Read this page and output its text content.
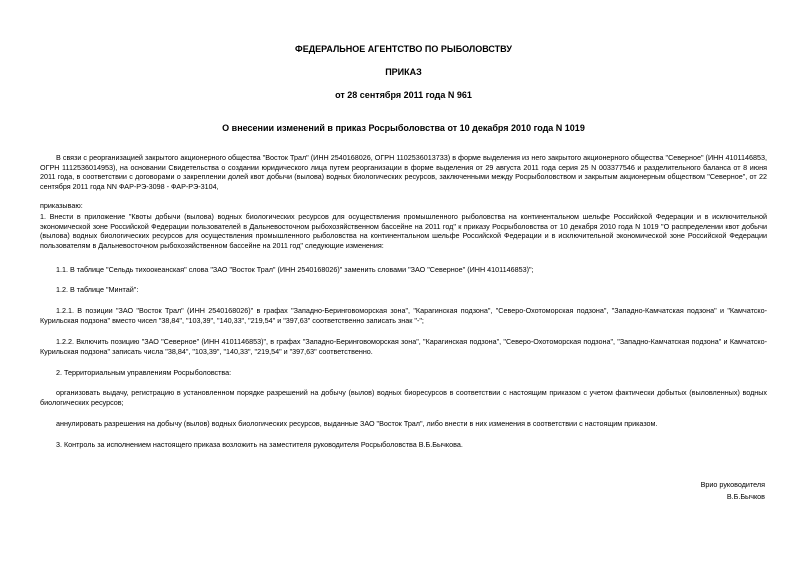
ФЕДЕРАЛЬНОЕ АГЕНТСТВО ПО РЫБОЛОВСТВУ

ПРИКАЗ

от 28 сентября 2011 года N 961

О внесении изменений в приказ Росрыболовства от 10 декабря 2010 года N 1019

В связи с реорганизацией закрытого акционерного общества "Восток Трал" (ИНН 2540168026, ОГРН 1102536013733) в форме выделения из него закрытого акционерного общества "Северное" (ИНН 4101146853, ОГРН 1112536014953), на основании Свидетельства о создании юридического лица путем реорганизации в форме выделения от 29 августа 2011 года серия 25 N 003377546 и разделительного баланса от 8 июня 2011 года, в соответствии с договорами о закреплении долей квот добычи (вылова) водных биологических ресурсов, заключенными между Росрыболовством и закрытым акционерным обществом "Северное", от 22 сентября 2011 года NN ФАР-РЭ-3098 - ФАР-РЭ-3104,

приказываю:

1. Внести в приложение "Квоты добычи (вылова) водных биологических ресурсов для осуществления промышленного рыболовства на континентальном шельфе Российской Федерации и в исключительной экономической зоне Российской Федерации пользователей в Дальневосточном рыбохозяйственном бассейне на 2011 год" к приказу Росрыболовства от 10 декабря 2010 года N 1019 "О распределении квот добычи (вылова) водных биологических ресурсов для осуществления промышленного рыболовства на континентальном шельфе Российской Федерации и в исключительной экономической зоне Российской Федерации пользователям в Дальневосточном рыбохозяйственном бассейне на 2011 год" следующие изменения:

1.1. В таблице "Сельдь тихоокеанская" слова "ЗАО "Восток Трал" (ИНН 2540168026)" заменить словами "ЗАО "Северное" (ИНН 4101146853)";

1.2. В таблице "Минтай":

1.2.1. В позиции "ЗАО "Восток Трал" (ИНН 2540168026)" в графах "Западно-Беринговоморская зона", "Карагинская подзона", "Северо-Охотоморская подзона", "Западно-Камчатская подзона" и "Камчатско-Курильская подзона" вместо чисел "38,84", "103,39", "140,33", "219,54" и "397,63" соответственно записать знак "-";

1.2.2. Включить позицию "ЗАО "Северное" (ИНН 4101146853)", в графах "Западно-Беринговоморская зона", "Карагинская подзона", "Северо-Охотоморская подзона", "Западно-Камчатская подзона" и Камчатско-Курильская подзона" записать числа "38,84", "103,39", "140,33", "219,54" и "397,63" соответственно.

2. Территориальным управлениям Росрыболовства:

организовать выдачу, регистрацию в установленном порядке разрешений на добычу (вылов) водных биоресурсов в соответствии с настоящим приказом с учетом фактически добытых (выловленных) водных биологических ресурсов;

аннулировать разрешения на добычу (вылов) водных биологических ресурсов, выданные ЗАО "Восток Трал", либо внести в них изменения в соответствии с настоящим приказом.

3. Контроль за исполнением настоящего приказа возложить на заместителя руководителя Росрыболовства В.Б.Бычкова.

Врио руководителя

В.Б.Бычков
